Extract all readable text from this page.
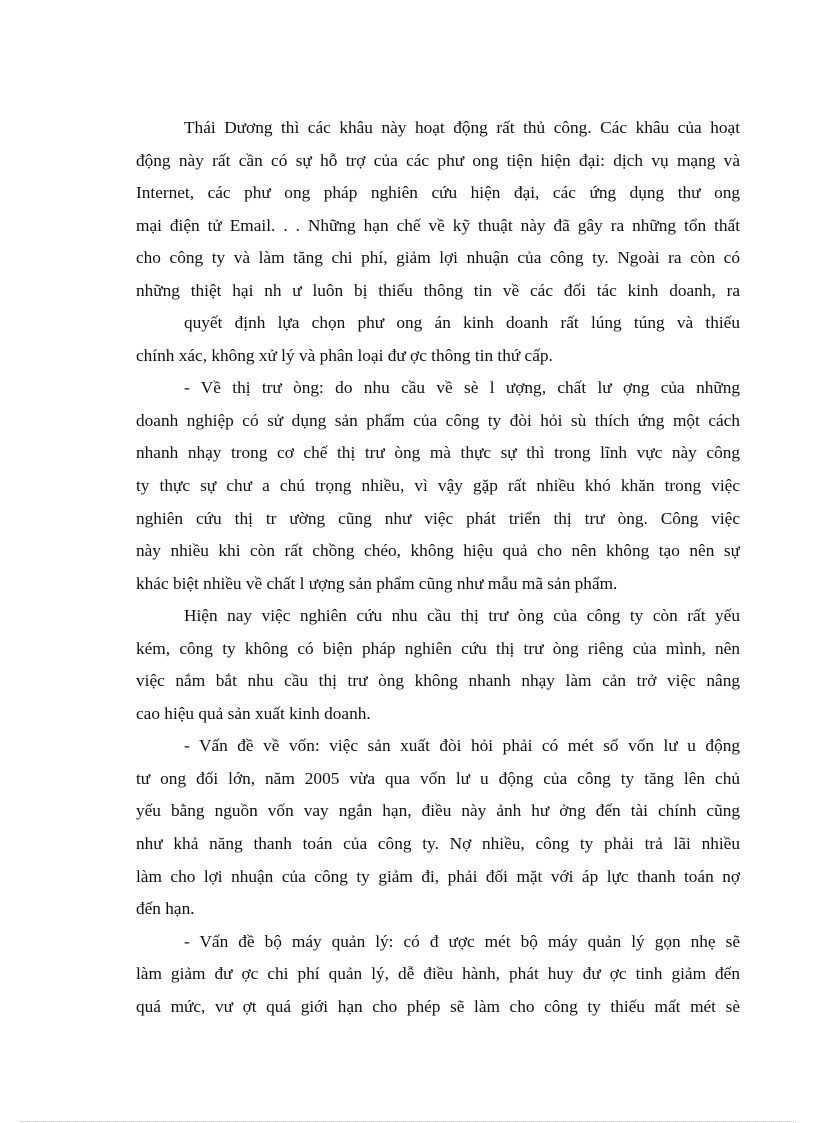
Thái Dương thì các khâu này hoạt động rất thủ công. Các khâu của hoạt
động này rất cần có sự hỗ trợ của các phư ong tiện hiện đại: dịch vụ mạng và
Internet, các phư ong pháp nghiên cứu hiện đại, các ứng dụng thư ong
mại điện tử Email. . . Những hạn chế về kỹ thuật này đã gây ra những tổn thất
cho công ty và làm tăng chi phí, giảm lợi nhuận của công ty. Ngoài ra còn có
những thiệt hại nh ư luôn bị thiếu thông tin về các đối tác kinh doanh, ra
quyết định lựa chọn phư ong án kinh doanh rất lúng túng và thiếu
chính xác, không xử lý và phân loại đư ợc thông tin thứ cấp.
- Về thị trư òng: do nhu cầu về sè l ượng, chất lư ợng của những
doanh nghiệp có sử dụng sản phẩm của công ty đòi hỏi sù thích ứng một cách
nhanh nhạy trong cơ chế thị trư òng mà thực sự thì trong lĩnh vực này công
ty thực sự chư a chú trọng nhiều, vì vậy gặp rất nhiều khó khăn trong việc
nghiên cứu thị tr ường cũng như việc phát triển thị trư òng. Công việc
này nhiều khi còn rất chồng chéo, không hiệu quả cho nên không tạo nên sự
khác biệt nhiều về chất l ượng sản phẩm cũng như mẫu mã sản phẩm.
Hiện nay việc nghiên cứu nhu cầu thị trư òng của công ty còn rất yếu
kém, công ty không có biện pháp nghiên cứu thị trư òng riêng của mình, nên
việc nắm bắt nhu cầu thị trư òng không nhanh nhạy làm cản trở việc nâng
cao hiệu quả sản xuất kinh doanh.
- Vấn đề về vốn: việc sản xuất đòi hỏi phải có mét số vốn lư u động
tư ong đối lớn, năm 2005 vừa qua vốn lư u động của công ty tăng lên chủ
yếu bằng nguồn vốn vay ngắn hạn, điều này ảnh hư ởng đến tài chính cũng
như khả năng thanh toán của công ty. Nợ nhiều, công ty phải trả lãi nhiều
làm cho lợi nhuận của công ty giảm đi, phải đối mặt với áp lực thanh toán nợ
đến hạn.
- Vấn đề bộ máy quản lý: có đ ược mét bộ máy quản lý gọn nhẹ sẽ
làm giảm đư ợc chi phí quản lý, dễ điều hành, phát huy đư ợc tinh giảm đến
quá mức, vư ợt quá giới hạn cho phép sẽ làm cho công ty thiếu mất mét sè
